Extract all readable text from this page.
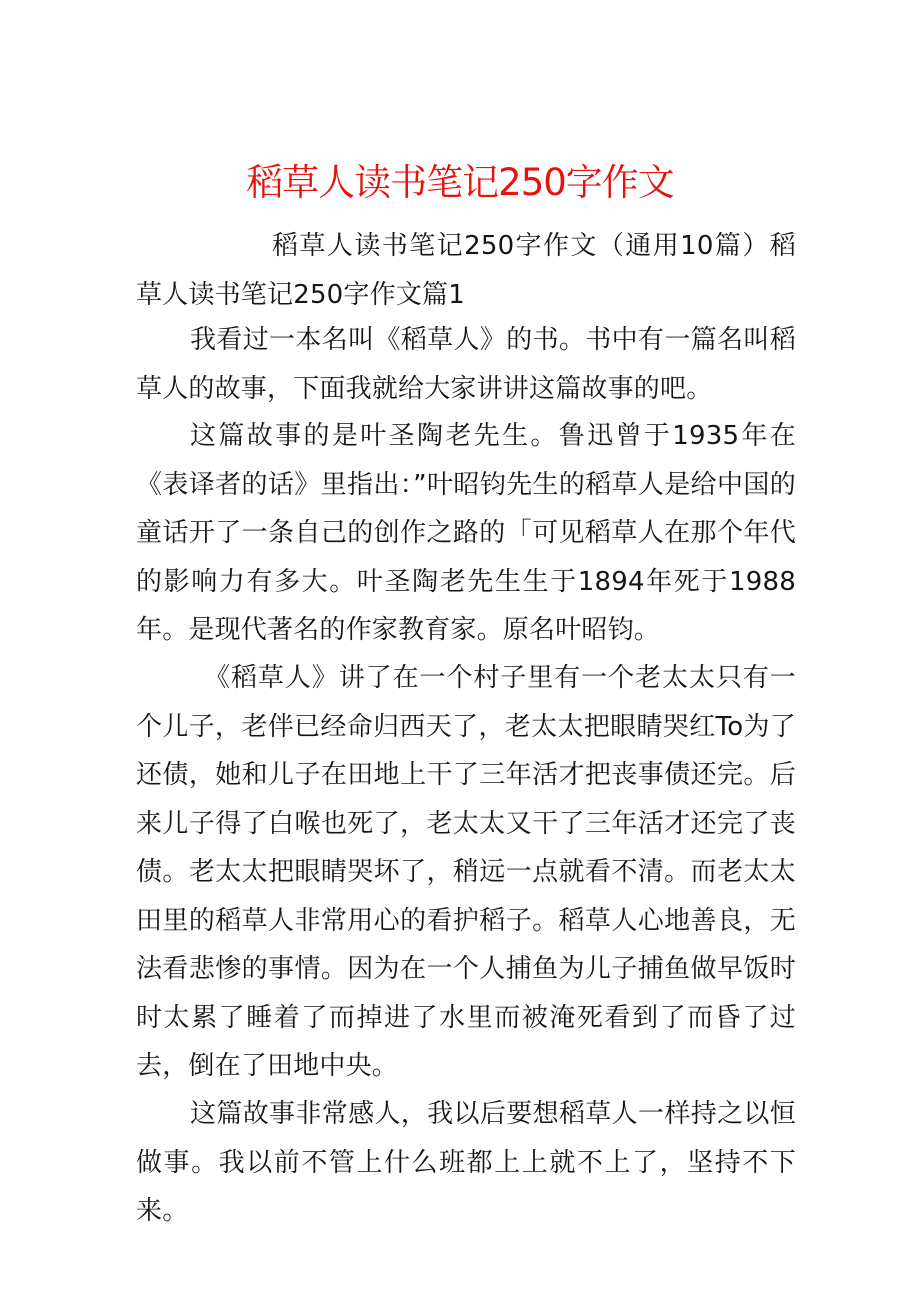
稻草人读书笔记250字作文

稻草人读书笔记250字作文（通用10篇）稻草人读书笔记250字作文篇1

我看过一本名叫《稻草人》的书。书中有一篇名叫稻草人的故事，下面我就给大家讲讲这篇故事的吧。

这篇故事的是叶圣陶老先生。鲁迅曾于1935年在《表译者的话》里指出：”叶昭钧先生的稻草人是给中国的童话开了一条自己的创作之路的「可见稻草人在那个年代的影响力有多大。叶圣陶老先生生于1894年死于1988年。是现代著名的作家教育家。原名叶昭钧。

《稻草人》讲了在一个村子里有一个老太太只有一个儿子，老伴已经命归西天了，老太太把眼睛哭红To为了还债，她和儿子在田地上干了三年活才把丧事债还完。后来儿子得了白喉也死了，老太太又干了三年活才还完了丧债。老太太把眼睛哭坏了，稍远一点就看不清。而老太太田里的稻草人非常用心的看护稻子。稻草人心地善良，无法看悲惨的事情。因为在一个人捕鱼为儿子捕鱼做早饭时时太累了睡着了而掉进了水里而被淹死看到了而昏了过去，倒在了田地中央。

这篇故事非常感人，我以后要想稻草人一样持之以恒做事。我以前不管上什么班都上上就不上了，坚持不下来。
